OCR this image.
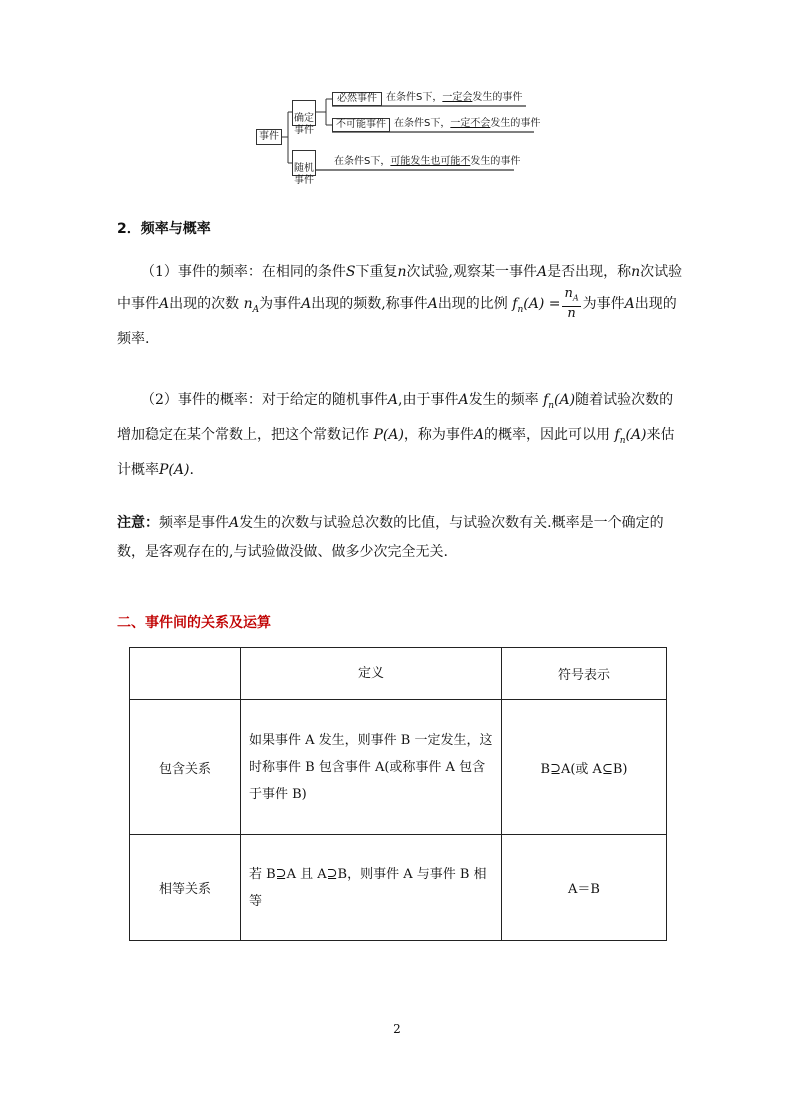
事件

确定
事件
必然事件 在条件S下，一定会发生的事件
不可能事件 在条件S下，一定不会发生的事件

随机
事件
在条件S下，可能发生也可能不发生的事件
2．频率与概率
（1）事件的频率：在相同的条件S下重复n次试验,观察某一事件A是否出现，称n次试验中事件A出现的次数 $n_A$为事件A出现的频数,称事件A出现的比例 $f_n(A) = \frac{n_A}{n}$ 为事件A出现的频率.
（2）事件的概率：对于给定的随机事件A,由于事件A发生的频率 $f_n(A)$随着试验次数的增加稳定在某个常数上，把这个常数记作 P(A)，称为事件A的概率，因此可以用 $f_n(A)$来估计概率P(A).
注意：频率是事件A发生的次数与试验总次数的比值，与试验次数有关.概率是一个确定的数，是客观存在的,与试验做没做、做多少次完全无关.
二、事件间的关系及运算
	定义	符号表示
包含关系	如果事件 A 发生，则事件 B 一定发生，这时称事件 B 包含事件 A(或称事件 A 包含于事件 B)	B⊇A(或 A⊆B)
相等关系	若 B⊇A 且 A⊇B，则事件 A 与事件 B 相等	A＝B
2
